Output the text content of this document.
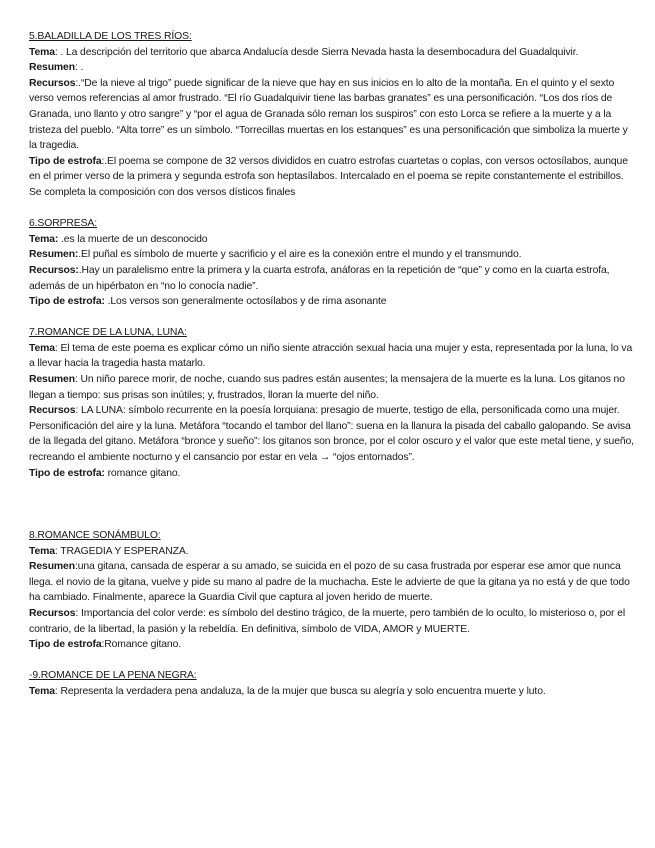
5.BALADILLA DE LOS TRES RÍOS:

Tema: . La descripción del territorio que abarca Andalucía desde Sierra Nevada hasta la desembocadura del Guadalquivir.

Resumen: .

Recursos:.“De la nieve al trigo” puede significar de la nieve que hay en sus inicios en lo alto de la montaña. En el quinto y el sexto verso vemos referencias al amor frustrado. “El río Guadalquivir tiene las barbas granates” es una personificación. “Los dos ríos de Granada, uno llanto y otro sangre” y “por el agua de Granada sólo reman los suspiros” con esto Lorca se refiere a la muerte y a la tristeza del pueblo. “Alta torre” es un símbolo. “Torrecillas muertas en los estanques” es una personificación que simboliza la muerte y la tragedia.

Tipo de estrofa:.El poema se compone de 32 versos divididos en cuatro estrofas cuartetas o coplas, con versos octosílabos, aunque en el primer verso de la primera y segunda estrofa son heptasílabos. Intercalado en el poema se repite constantemente el estribillos. Se completa la composición con dos versos dísticos finales

6.SORPRESA:

Tema: .es la muerte de un desconocido

Resumen:.El puñal es símbolo de muerte y sacrificio y el aire es la conexión entre el mundo y el transmundo.

Recursos:.Hay un paralelismo entre la primera y la cuarta estrofa, anáforas en la repetición de “que” y como en la cuarta estrofa, además de un hipérbaton en “no lo conocía nadie”.

Tipo de estrofa: .Los versos son generalmente octosílabos y de rima asonante

7.ROMANCE DE LA LUNA, LUNA:

Tema: El tema de este poema es explicar cómo un niño siente atracción sexual hacia una mujer y esta, representada por la luna, lo va a llevar hacia la tragedia hasta matarlo.

Resumen: Un niño parece morir, de noche, cuando sus padres están ausentes; la mensajera de la muerte es la luna. Los gitanos no llegan a tiempo: sus prisas son inútiles; y, frustrados, lloran la muerte del niño.

Recursos: LA LUNA: símbolo recurrente en la poesía lorquiana: presagio de muerte, testigo de ella, personificada como una mujer. Personificación del aire y la luna. Metáfora “tocando el tambor del llano”: suena en la llanura la pisada del caballo galopando. Se avisa de la llegada del gitano. Metáfora “bronce y sueño”: los gitanos son bronce, por el color oscuro y el valor que este metal tiene, y sueño, recreando el ambiente nocturno y el cansancio por estar en vela → “ojos entornados”.

Tipo de estrofa: romance gitano.

8.ROMANCE SONÁMBULO:

Tema: TRAGEDIA Y ESPERANZA.

Resumen:una gitana, cansada de esperar a su amado, se suicida en el pozo de su casa frustrada por esperar ese amor que nunca llega. el novio de la gitana, vuelve y pide su mano al padre de la muchacha. Este le advierte de que la gitana ya no está y de que todo ha cambiado. Finalmente, aparece la Guardia Civil que captura al joven herido de muerte.

Recursos: Importancia del color verde: es símbolo del destino trágico, de la muerte, pero también de lo oculto, lo misterioso o, por el contrario, de la libertad, la pasión y la rebeldía. En definitiva, símbolo de VIDA, AMOR y MUERTE.

Tipo de estrofa:Romance gitano.

-9.ROMANCE DE LA PENA NEGRA:

Tema: Representa la verdadera pena andaluza, la de la mujer que busca su alegría y solo encuentra muerte y luto.
